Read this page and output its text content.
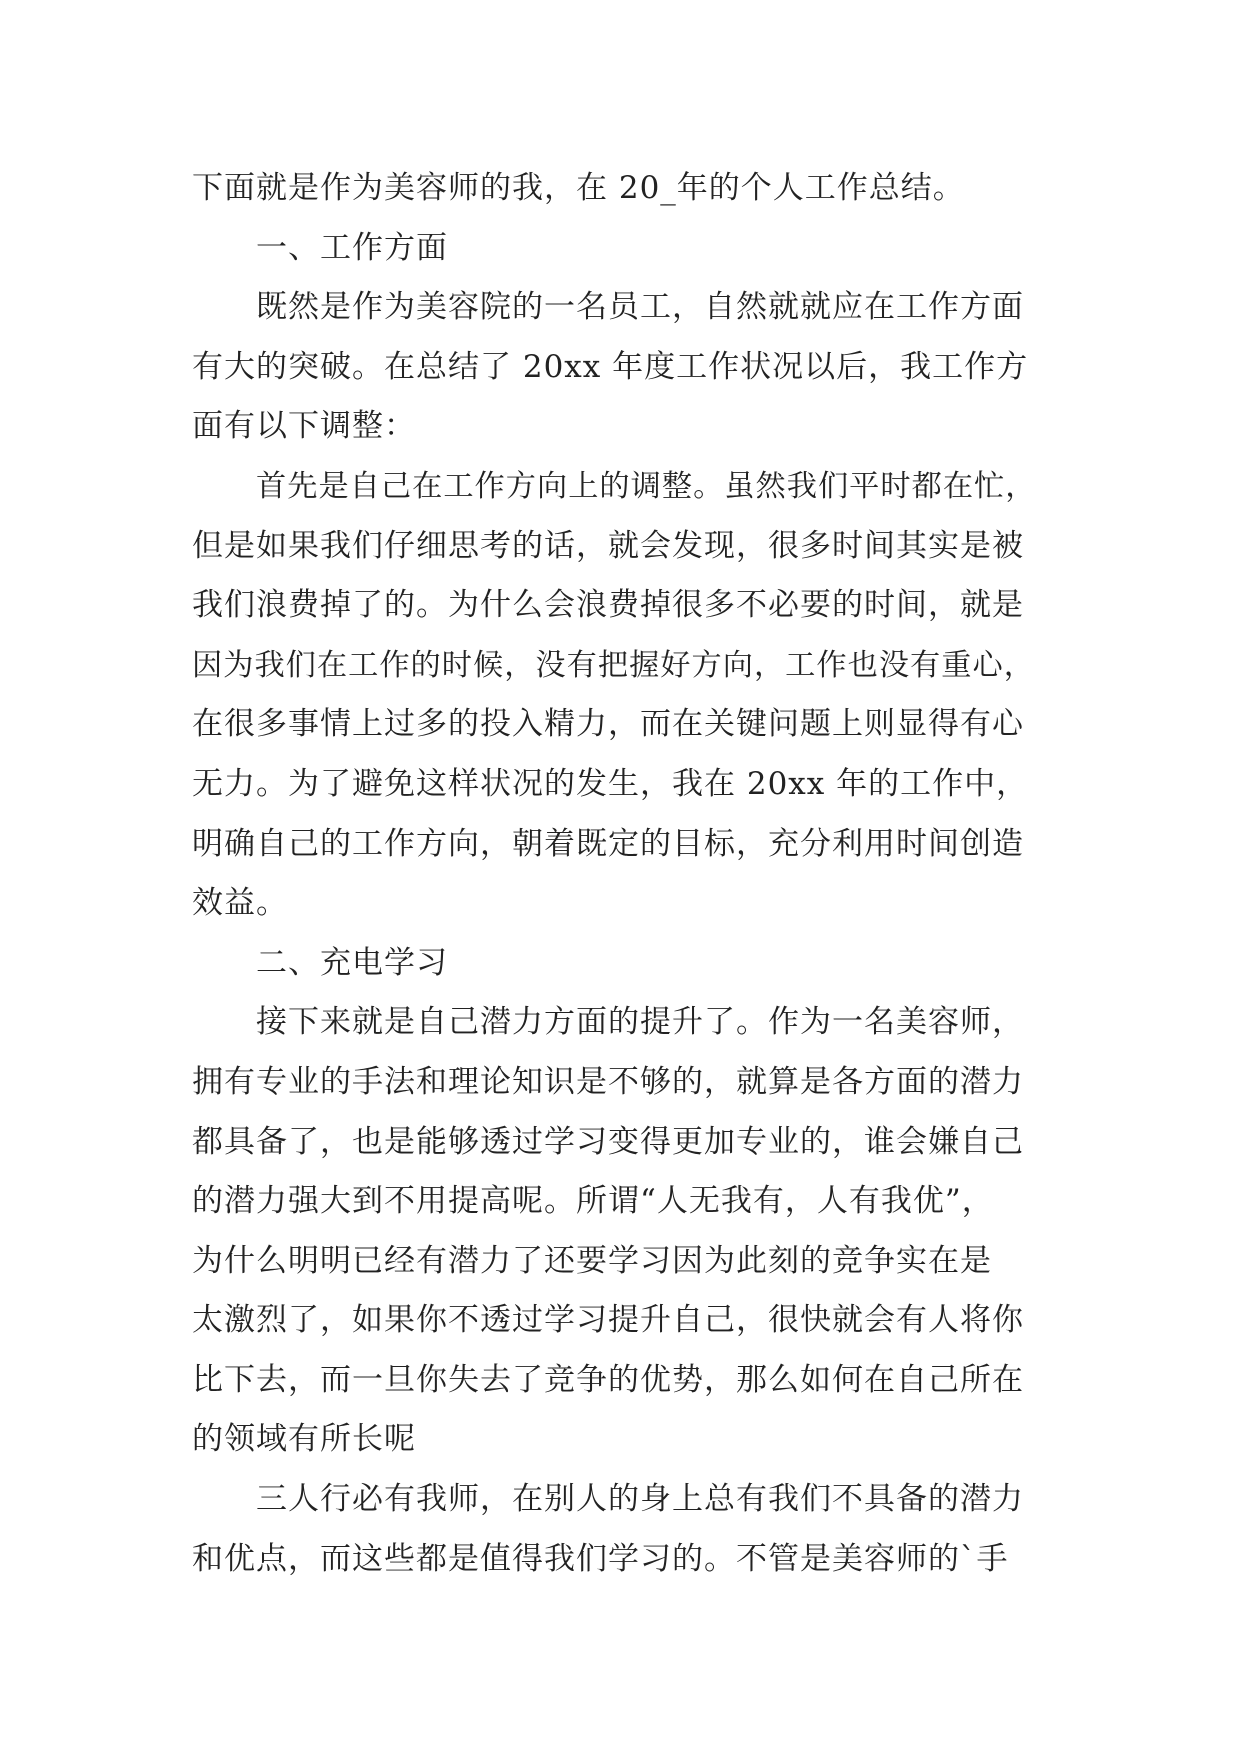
下面就是作为美容师的我，在 20_年的个人工作总结。
一、工作方面
既然是作为美容院的一名员工，自然就就应在工作方面
有大的突破。在总结了 20xx 年度工作状况以后，我工作方
面有以下调整：
首先是自己在工作方向上的调整。虽然我们平时都在忙，
但是如果我们仔细思考的话，就会发现，很多时间其实是被
我们浪费掉了的。为什么会浪费掉很多不必要的时间，就是
因为我们在工作的时候，没有把握好方向，工作也没有重心，
在很多事情上过多的投入精力，而在关键问题上则显得有心
无力。为了避免这样状况的发生，我在 20xx 年的工作中，
明确自己的工作方向，朝着既定的目标，充分利用时间创造
效益。
二、充电学习
接下来就是自己潜力方面的提升了。作为一名美容师，
拥有专业的手法和理论知识是不够的，就算是各方面的潜力
都具备了，也是能够透过学习变得更加专业的，谁会嫌自己
的潜力强大到不用提高呢。所谓“人无我有，人有我优”，
为什么明明已经有潜力了还要学习因为此刻的竞争实在是
太激烈了，如果你不透过学习提升自己，很快就会有人将你
比下去，而一旦你失去了竞争的优势，那么如何在自己所在
的领域有所长呢
三人行必有我师，在别人的身上总有我们不具备的潜力
和优点，而这些都是值得我们学习的。不管是美容师的`手
